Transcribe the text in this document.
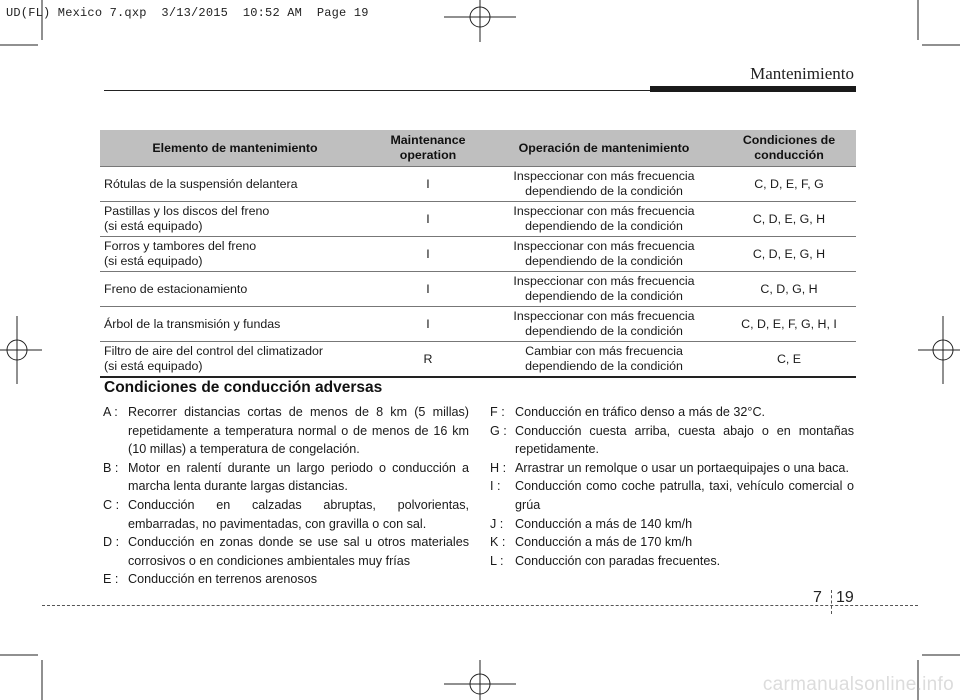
UD(FL) Mexico 7.qxp  3/13/2015  10:52 AM  Page 19
Mantenimiento
Elemento de mantenimiento	Maintenance
operation	Operación de mantenimiento	Condiciones de
conducción

Rótulas de la suspensión delantera	I	Inspeccionar con más frecuencia
dependiendo de la condición	C, D, E, F, G

Pastillas y los discos del freno
(si está equipado)	I	Inspeccionar con más frecuencia
dependiendo de la condición	C, D, E, G, H

Forros y tambores del freno
(si está equipado)	I	Inspeccionar con más frecuencia
dependiendo de la condición	C, D, E, G, H

Freno de estacionamiento	I	Inspeccionar con más frecuencia
dependiendo de la condición	C, D, G, H

Árbol de la transmisión y fundas	I	Inspeccionar con más frecuencia
dependiendo de la condición	C, D, E, F, G, H, I

Filtro de aire del control del climatizador
(si está equipado)	R	Cambiar con más frecuencia
dependiendo de la condición	C, E
Condiciones de conducción adversas
A : Recorrer distancias cortas de menos de 8 km (5 millas) repetidamente a temperatura normal o de menos de 16 km (10 millas) a temperatura de congelación.
B : Motor en ralentí durante un largo periodo o conducción a marcha lenta durante largas distancias.
C : Conducción en calzadas abruptas, polvorientas, embarradas, no pavimentadas, con gravilla o con sal.
D : Conducción en zonas donde se use sal u otros materiales corrosivos o en condiciones ambientales muy frías
E : Conducción en terrenos arenosos
F : Conducción en tráfico denso a más de 32°C.
G : Conducción cuesta arriba, cuesta abajo o en montañas repetidamente.
H : Arrastrar un remolque o usar un portaequipajes o una baca.
I :	Conducción como coche patrulla, taxi, vehículo comercial o grúa
J : Conducción a más de 140 km/h
K : Conducción a más de 170 km/h
L : Conducción con paradas frecuentes.
7 19
carmanualsonline.info
